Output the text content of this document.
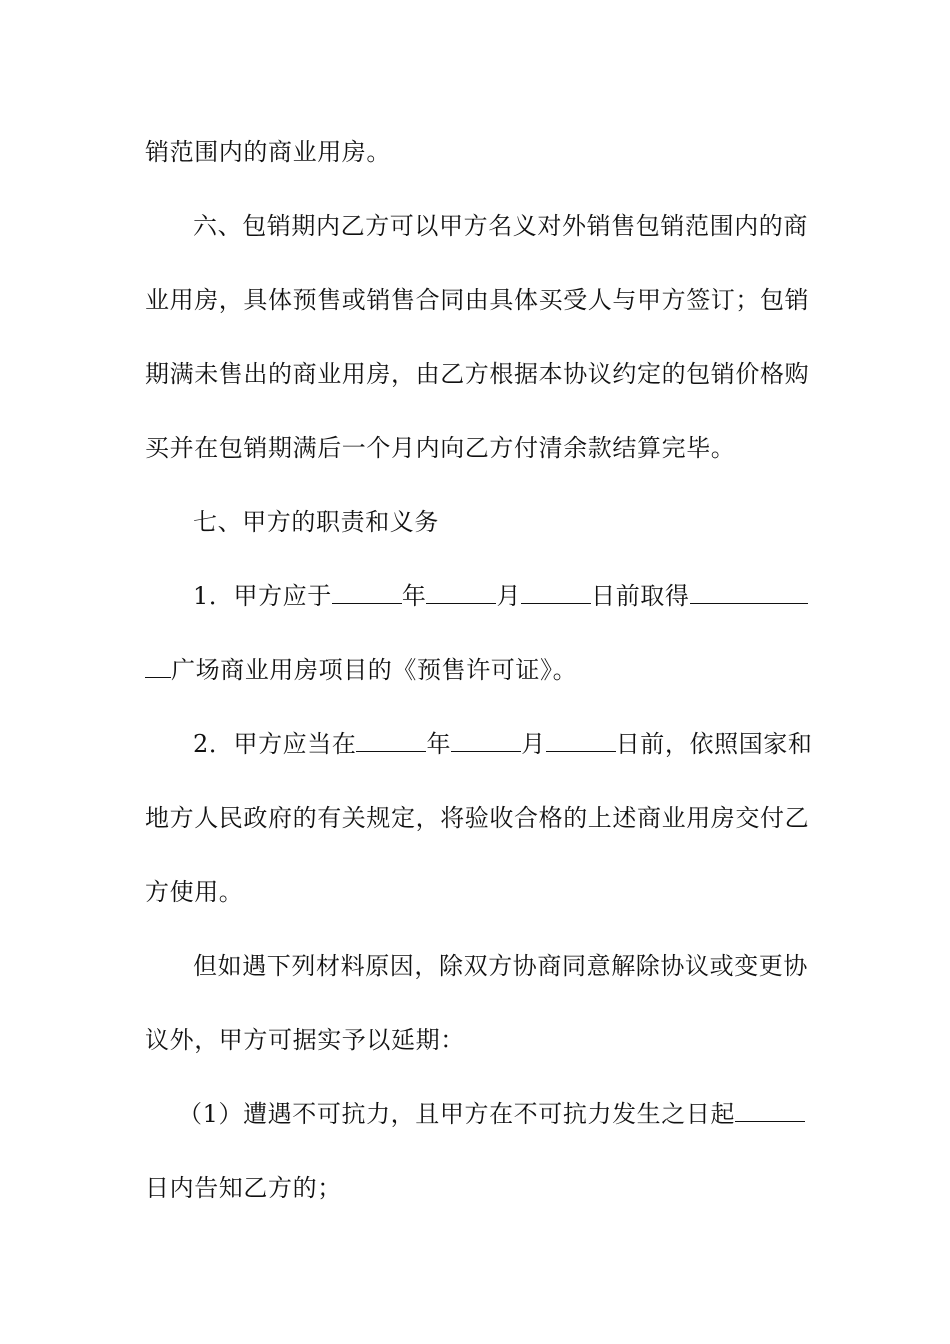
销范围内的商业用房。
六、包销期内乙方可以甲方名义对外销售包销范围内的商
业用房，具体预售或销售合同由具体买受人与甲方签订；包销
期满未售出的商业用房，由乙方根据本协议约定的包销价格购
买并在包销期满后一个月内向乙方付清余款结算完毕。
七、甲方的职责和义务
1．甲方应于	年	月	日前取得
广场商业用房项目的《预售许可证》。
2．甲方应当在	年	月	日前，依照国家和
地方人民政府的有关规定，将验收合格的上述商业用房交付乙
方使用。
但如遇下列材料原因，除双方协商同意解除协议或变更协
议外，甲方可据实予以延期：
（1）遭遇不可抗力，且甲方在不可抗力发生之日起
日内告知乙方的；
